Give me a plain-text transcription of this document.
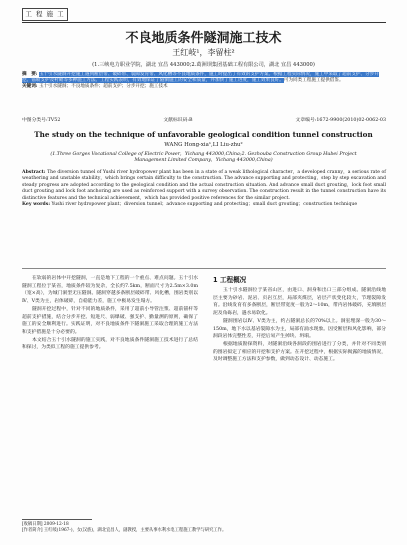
工 程 施 工
不良地质条件隧洞施工技术
王红岐¹，李留柱²
(1.三峡电力职业学院，湖北 宜昌 443000;2.葛洲坝集团基础工程有限公司，湖北 宜昌 443000)
摘　要: 玉十引水隧洞开挖施工遇到断层带、破碎带、裂隙发育带、风化槽等不良地质条件，施工时提出了有效的支护方案。根据工程实际情况，施工中采取了超前支护、分步开挖、锚喷支护及衬砌等多种施工方法。工程实践表明，有效地保证了隧洞施工的安全和质量，并加快了施工进度，施工效果良好。可为同类工程施工提供借鉴。
关键词: 玉十引水隧洞；不良地质条件；超前支护；分步开挖；施工技术
中图分类号:TV52	文献标识码:B	文章编号:1672-9900(2010)02-0062-03
The study on the technique of unfavorable geological condition tunnel construction
WANG Hong-xia¹,LI Liu-zhu²
(1.Three Gorges Vocational College of Electric Power，Yichang 443000,China;2. Gezhouba Construction Group Hubei Project Management Limited Company，Yichang 443000,China)
Abstract: The diversion tunnel of Yushi river hydropower plant has been in a state of a weak lithological character，a developed cranny，a serious rate of weathering and unstable stability，which brings certain difficulty to the construction. The advance supporting and protecting，step by step excavation and steady progress are adopted according to the geological condition and the actual construction situation. And advance small duct grouting，lock foot small duct grouting and lock foot anchoring are used as reinforced support with a survey observation. The construction result in the tunnel construction have its distinctive features and the technical achievement，which has provided positive references for the similar project.
Key words: Yushi river hydropower plant；diversion tunnel；advance supporting and protecting；small duct grouting；construction technique

在软弱的岩体中开挖隧洞，一直是地下工程的一个重点、难点问题。玉十引水隧洞工程位于某省，地质条件较为复杂，全长约7.5km，断面尺寸为2.5m×3.0m（宽×高），为城门洞型无压隧洞。隧洞穿越多条断层破碎带、风化槽，围岩类别以Ⅳ、Ⅴ类为主，岩体破碎，自稳能力差，施工中极易发生塌方。

隧洞开挖过程中，针对不同的地质条件，采用了超前小导管注浆、超前锚杆等超前支护措施，结合分步开挖、短进尺、弱爆破、强支护、勤量测的原则，确保了施工的安全顺利进行。实践证明，对不良地质条件下隧洞施工采取合理的施工方法和支护措施是十分必要的。

本文结合玉十引水隧洞的施工实践，对不良地质条件隧洞施工技术进行了总结和探讨，为类似工程的施工提供参考。

1 工程概况

玉十引水隧洞位于某省山区，由进口、洞身和出口三部分组成。隧洞沿线地层主要为砂岩、泥岩、页岩互层，局部夹煤层，岩层产状变化较大，节理裂隙发育。沿线发育有多条断层，断层带宽度一般为2～10m，带内岩体破碎，充填断层泥及角砾岩，遇水易软化。

隧洞围岩以Ⅳ、Ⅴ类为主，约占隧洞总长的70%以上。洞室埋深一般为30～150m，地下水以基岩裂隙水为主，局部有涌水现象。因受断层和风化影响，部分洞段岩体完整性差，开挖后易产生掉块、坍塌。

根据地质勘探资料，对隧洞沿线各洞段的围岩进行了分类，并针对不同类别的围岩拟定了相应的开挖和支护方案。在开挖过程中，根据实际揭露的地质情况，及时调整施工方法和支护参数，做到动态设计、动态施工。

[收稿日期] 2009-12-18
[作者简介] 王红岐(1967-)，女(汉族)，湖北宜昌人，副教授，主要从事水利水电工程施工教学与研究工作。
